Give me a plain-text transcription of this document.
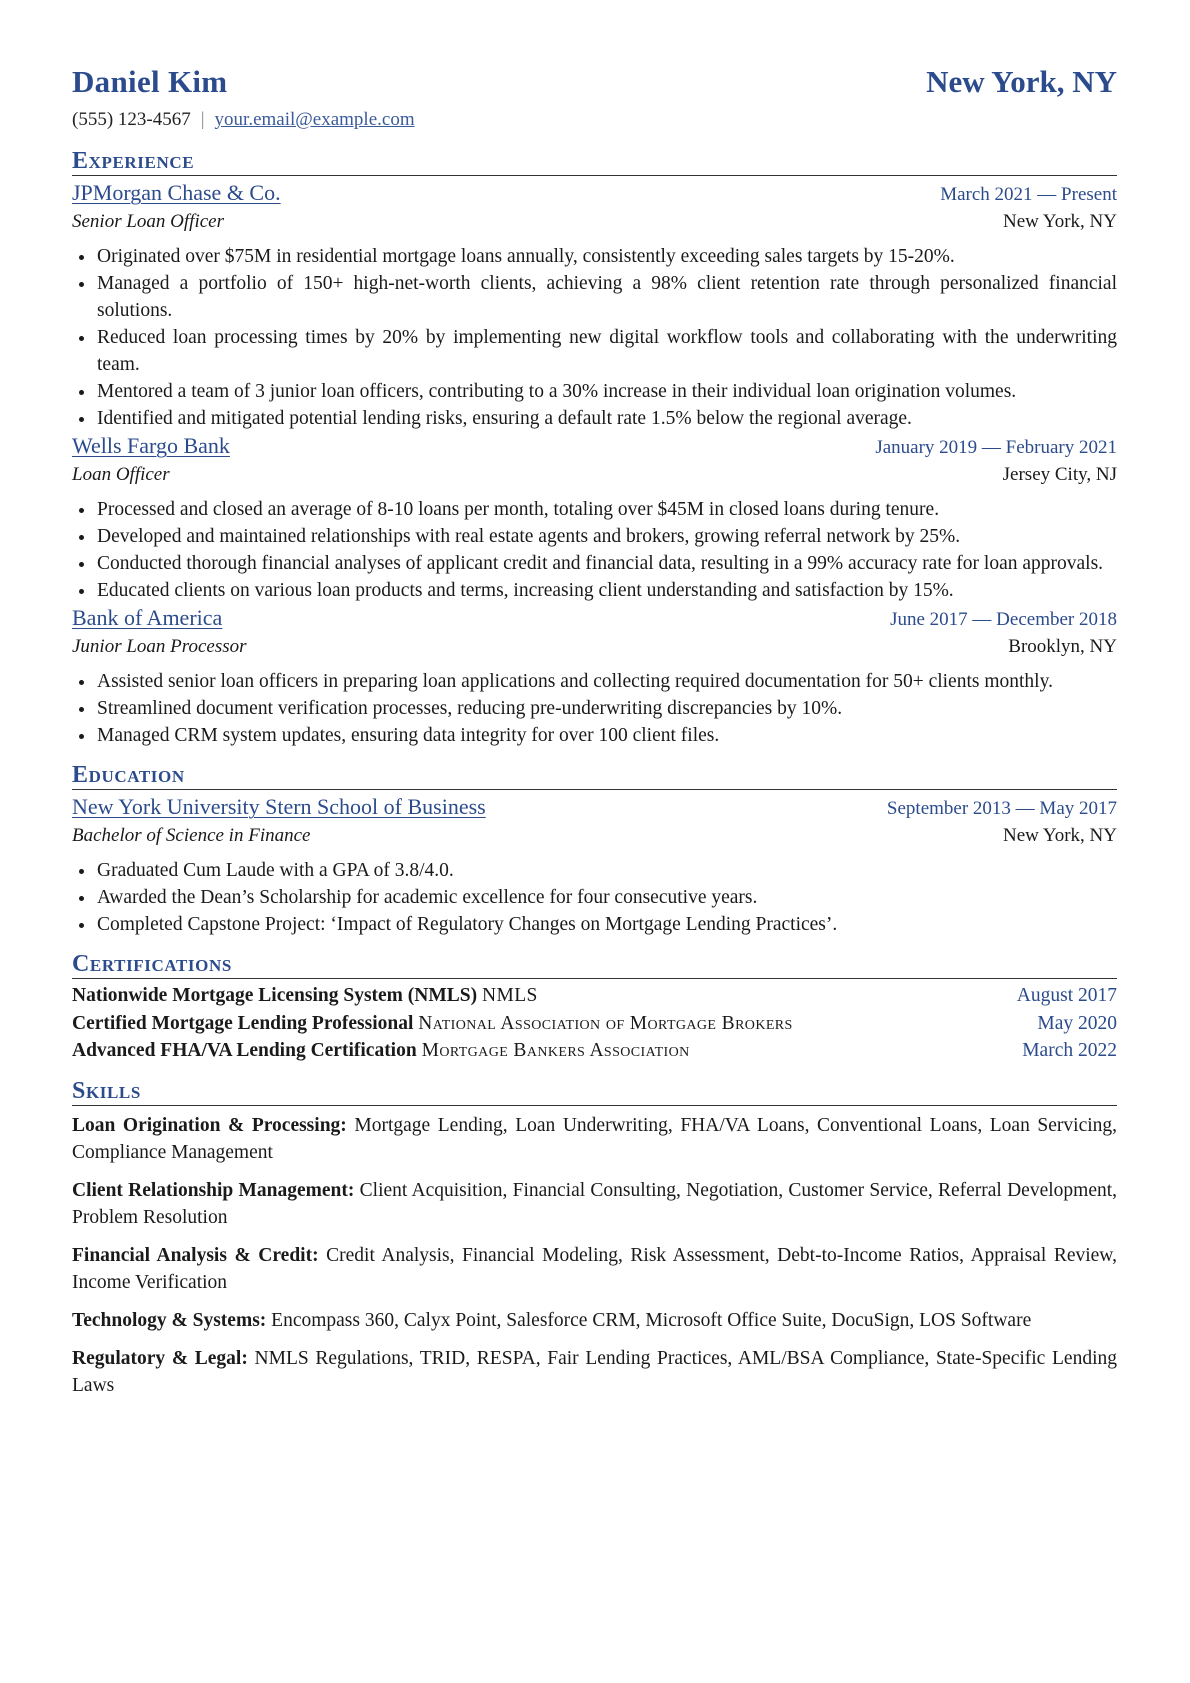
Daniel Kim	New York, NY
(555) 123-4567 | your.email@example.com
Experience
JPMorgan Chase & Co.	March 2021 — Present
Senior Loan Officer	New York, NY
Originated over $75M in residential mortgage loans annually, consistently exceeding sales targets by 15-20%.
Managed a portfolio of 150+ high-net-worth clients, achieving a 98% client retention rate through personalized financial solutions.
Reduced loan processing times by 20% by implementing new digital workflow tools and collaborating with the underwriting team.
Mentored a team of 3 junior loan officers, contributing to a 30% increase in their individual loan origination volumes.
Identified and mitigated potential lending risks, ensuring a default rate 1.5% below the regional average.
Wells Fargo Bank	January 2019 — February 2021
Loan Officer	Jersey City, NJ
Processed and closed an average of 8-10 loans per month, totaling over $45M in closed loans during tenure.
Developed and maintained relationships with real estate agents and brokers, growing referral network by 25%.
Conducted thorough financial analyses of applicant credit and financial data, resulting in a 99% accuracy rate for loan approvals.
Educated clients on various loan products and terms, increasing client understanding and satisfaction by 15%.
Bank of America	June 2017 — December 2018
Junior Loan Processor	Brooklyn, NY
Assisted senior loan officers in preparing loan applications and collecting required documentation for 50+ clients monthly.
Streamlined document verification processes, reducing pre-underwriting discrepancies by 10%.
Managed CRM system updates, ensuring data integrity for over 100 client files.
Education
New York University Stern School of Business	September 2013 — May 2017
Bachelor of Science in Finance	New York, NY
Graduated Cum Laude with a GPA of 3.8/4.0.
Awarded the Dean’s Scholarship for academic excellence for four consecutive years.
Completed Capstone Project: ‘Impact of Regulatory Changes on Mortgage Lending Practices’.
Certifications
Nationwide Mortgage Licensing System (NMLS) NMLS	August 2017
Certified Mortgage Lending Professional National Association of Mortgage Brokers	May 2020
Advanced FHA/VA Lending Certification Mortgage Bankers Association	March 2022
Skills
Loan Origination & Processing: Mortgage Lending, Loan Underwriting, FHA/VA Loans, Conventional Loans, Loan Servicing, Compliance Management
Client Relationship Management: Client Acquisition, Financial Consulting, Negotiation, Customer Service, Referral Development, Problem Resolution
Financial Analysis & Credit: Credit Analysis, Financial Modeling, Risk Assessment, Debt-to-Income Ratios, Appraisal Review, Income Verification
Technology & Systems: Encompass 360, Calyx Point, Salesforce CRM, Microsoft Office Suite, DocuSign, LOS Software
Regulatory & Legal: NMLS Regulations, TRID, RESPA, Fair Lending Practices, AML/BSA Compliance, State-Specific Lending Laws
